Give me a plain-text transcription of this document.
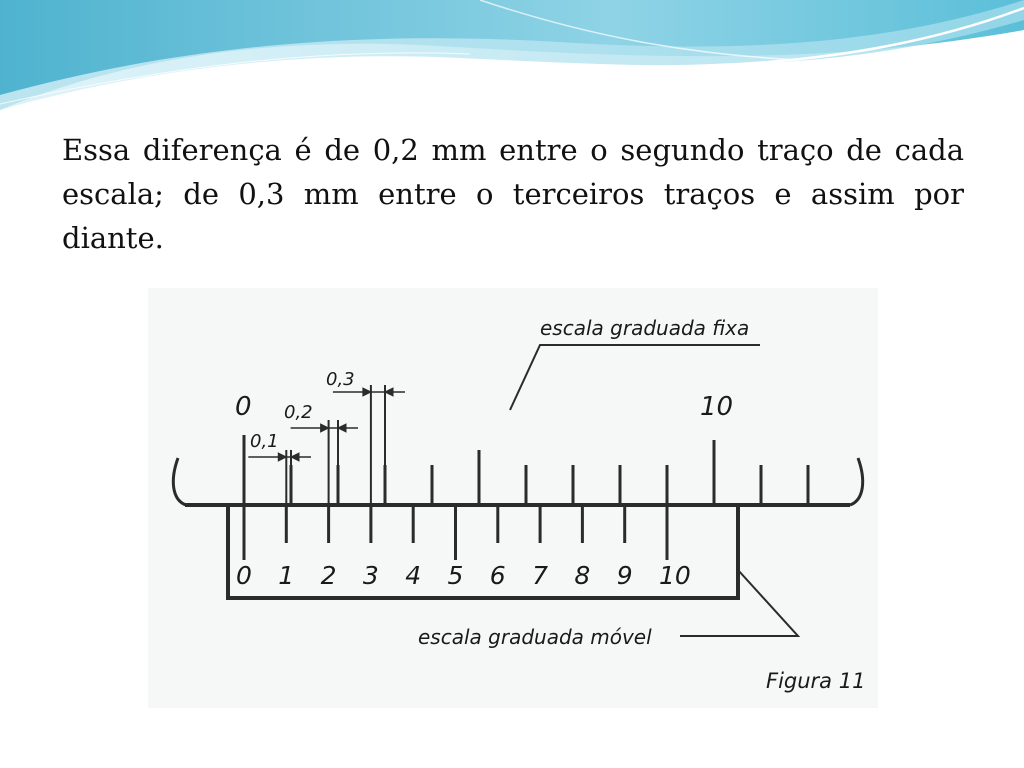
Essa diferença é de 0,2 mm entre o segundo traço de cada escala; de 0,3 mm entre o terceiros traços e assim por diante.

escala graduada fixa
escala graduada móvel
Figura 11
0	10
0,1
0,2
0,3
0 1 2 3 4 5 6 7 8 9 10
